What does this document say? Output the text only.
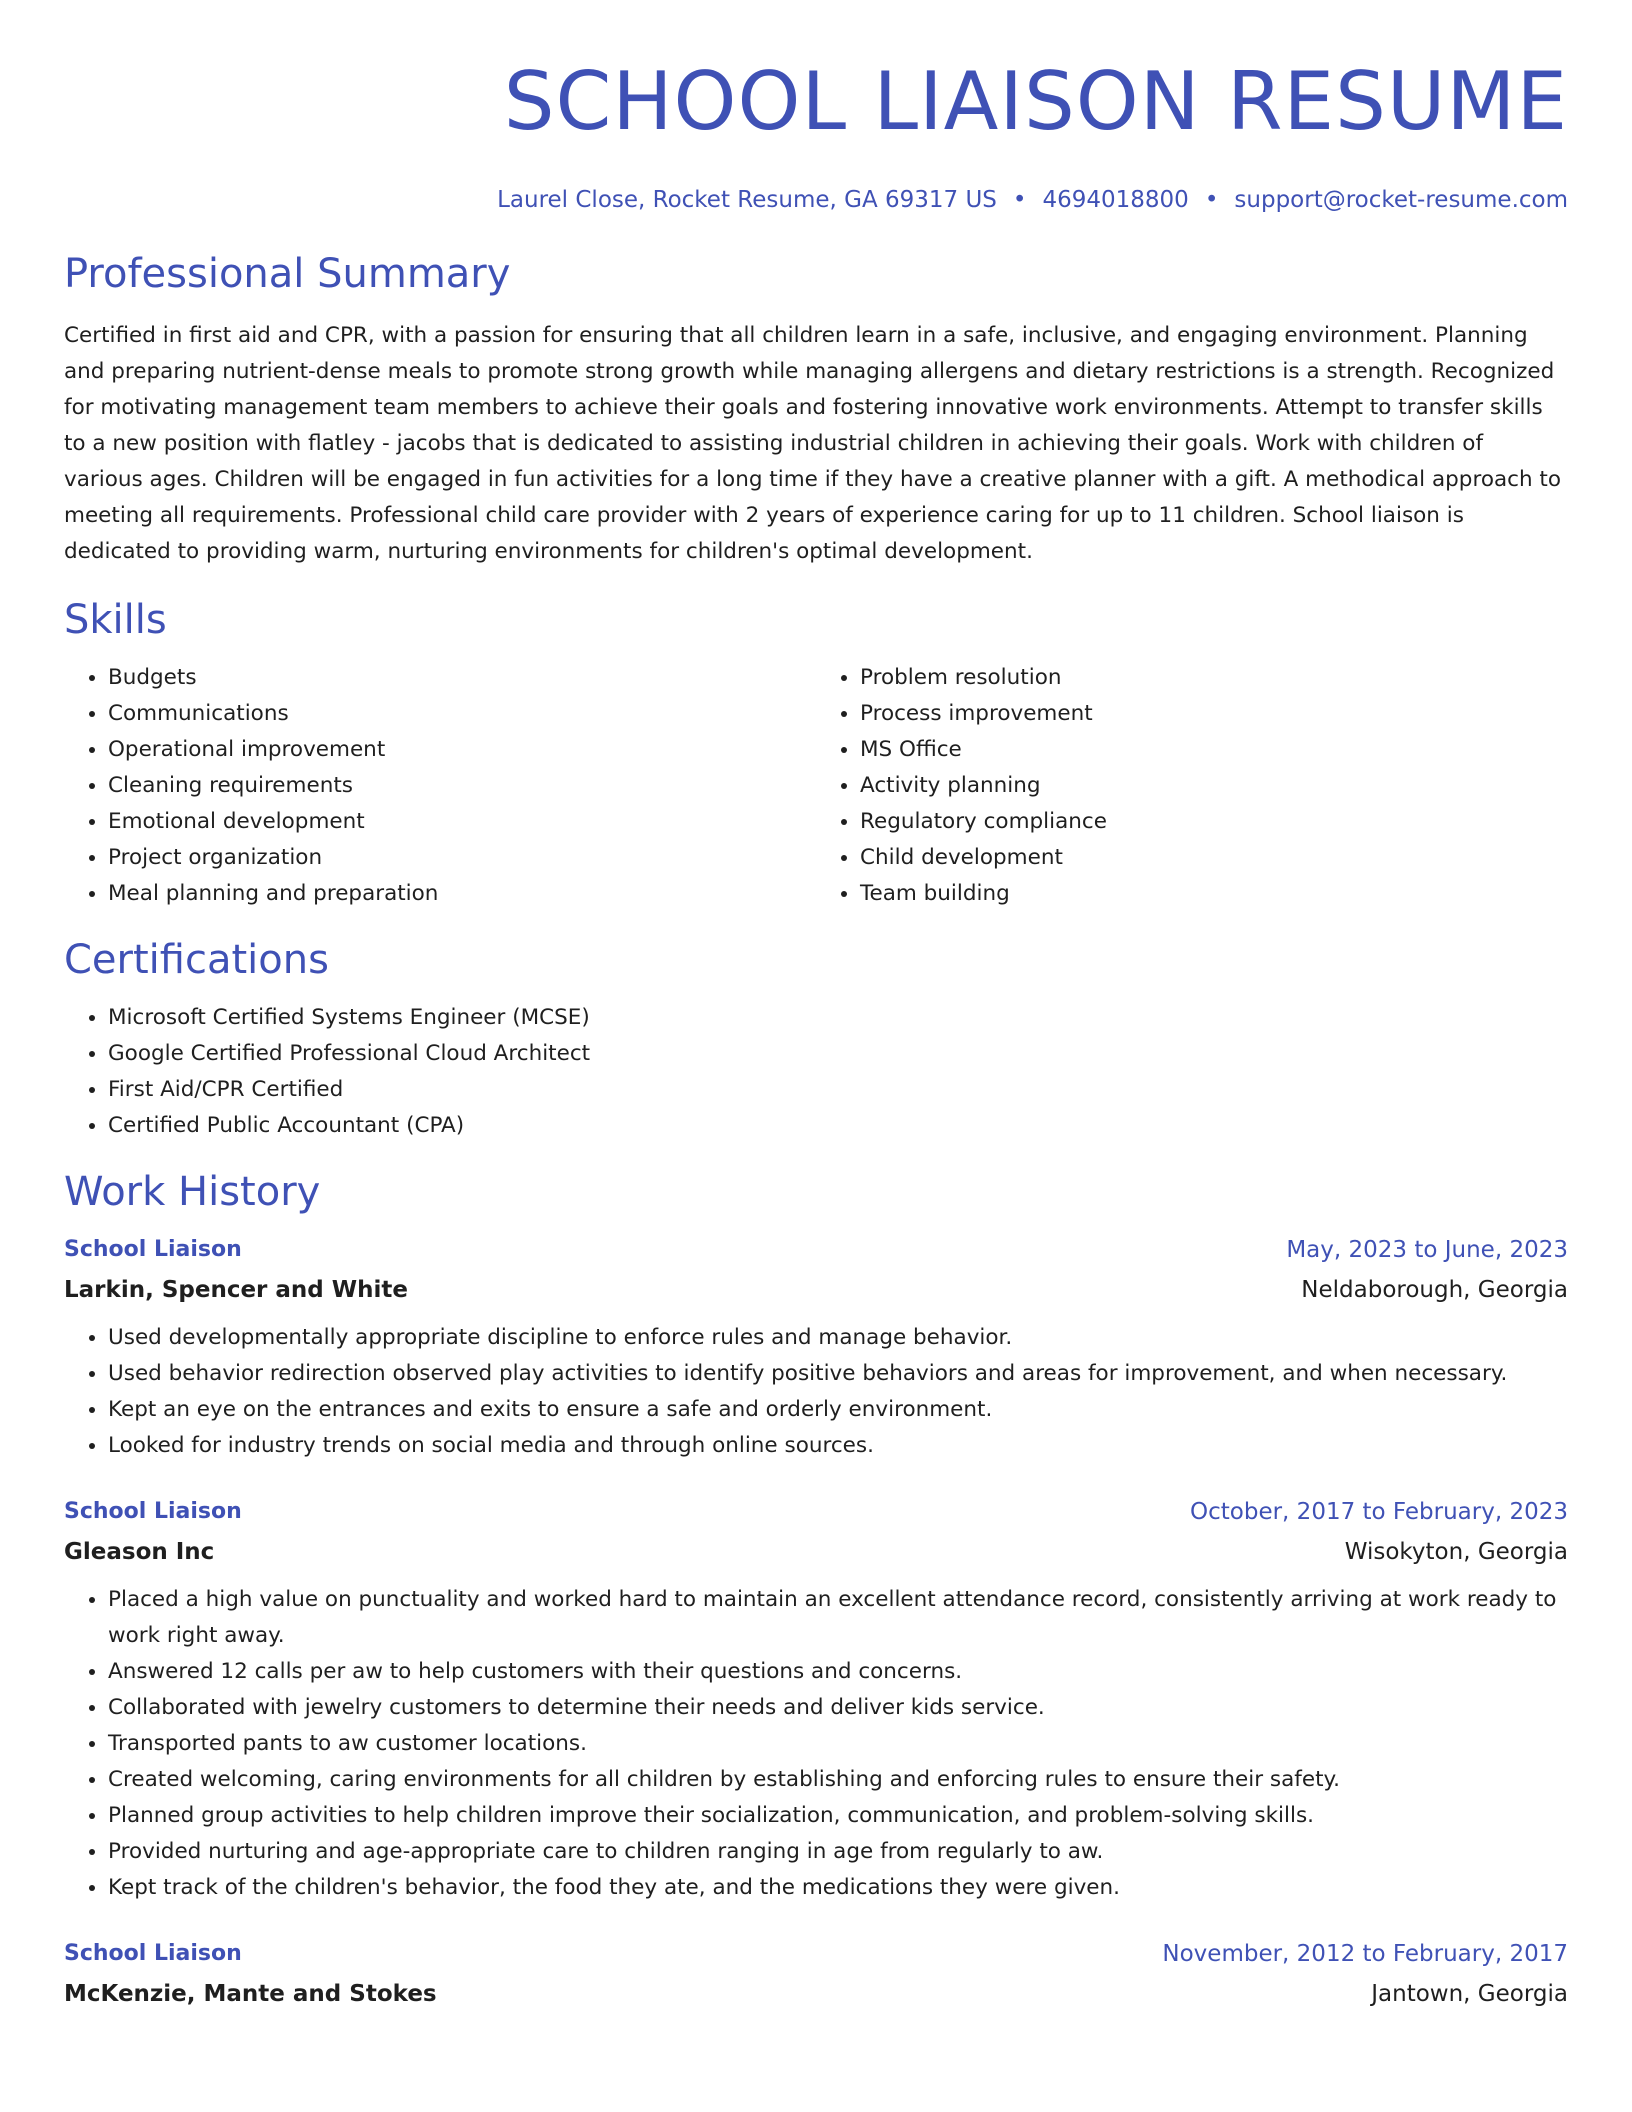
SCHOOL LIAISON RESUME
Laurel Close, Rocket Resume, GA 69317 US • 4694018800 • support@rocket-resume.com
Professional Summary
Certified in first aid and CPR, with a passion for ensuring that all children learn in a safe, inclusive, and engaging environment. Planning and preparing nutrient-dense meals to promote strong growth while managing allergens and dietary restrictions is a strength. Recognized for motivating management team members to achieve their goals and fostering innovative work environments. Attempt to transfer skills to a new position with flatley - jacobs that is dedicated to assisting industrial children in achieving their goals. Work with children of various ages. Children will be engaged in fun activities for a long time if they have a creative planner with a gift. A methodical approach to meeting all requirements. Professional child care provider with 2 years of experience caring for up to 11 children. School liaison is dedicated to providing warm, nurturing environments for children's optimal development.
Skills
• Budgets
• Communications
• Operational improvement
• Cleaning requirements
• Emotional development
• Project organization
• Meal planning and preparation
• Problem resolution
• Process improvement
• MS Office
• Activity planning
• Regulatory compliance
• Child development
• Team building
Certifications
• Microsoft Certified Systems Engineer (MCSE)
• Google Certified Professional Cloud Architect
• First Aid/CPR Certified
• Certified Public Accountant (CPA)
Work History
School Liaison	May, 2023 to June, 2023
Larkin, Spencer and White	Neldaborough, Georgia
• Used developmentally appropriate discipline to enforce rules and manage behavior.
• Used behavior redirection observed play activities to identify positive behaviors and areas for improvement, and when necessary.
• Kept an eye on the entrances and exits to ensure a safe and orderly environment.
• Looked for industry trends on social media and through online sources.
School Liaison	October, 2017 to February, 2023
Gleason Inc	Wisokyton, Georgia
• Placed a high value on punctuality and worked hard to maintain an excellent attendance record, consistently arriving at work ready to work right away.
• Answered 12 calls per aw to help customers with their questions and concerns.
• Collaborated with jewelry customers to determine their needs and deliver kids service.
• Transported pants to aw customer locations.
• Created welcoming, caring environments for all children by establishing and enforcing rules to ensure their safety.
• Planned group activities to help children improve their socialization, communication, and problem-solving skills.
• Provided nurturing and age-appropriate care to children ranging in age from regularly to aw.
• Kept track of the children's behavior, the food they ate, and the medications they were given.
School Liaison	November, 2012 to February, 2017
McKenzie, Mante and Stokes	Jantown, Georgia
